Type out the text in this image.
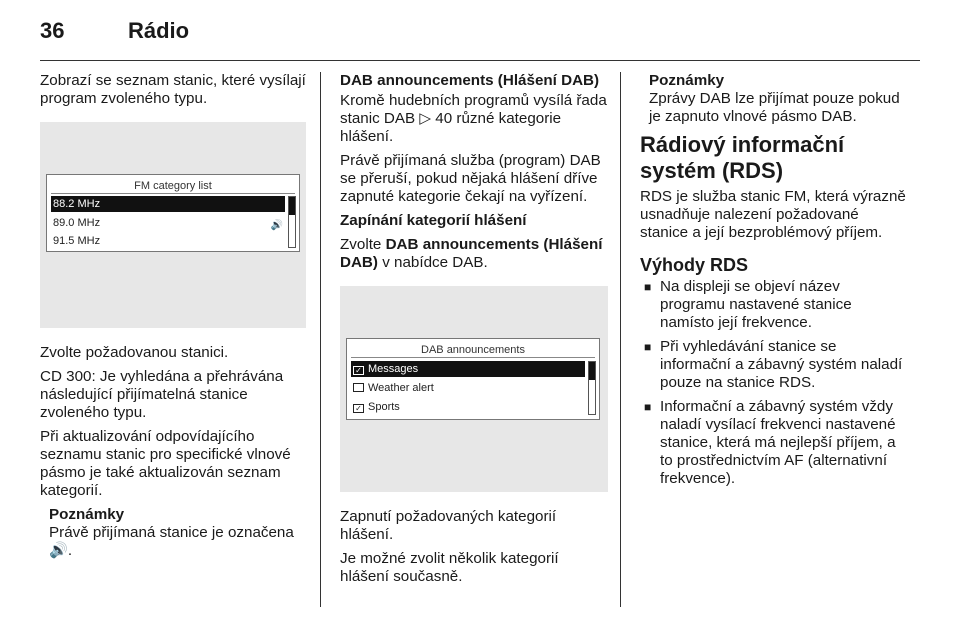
36	Rádio

Zobrazí se seznam stanic, které vysílají program zvoleného typu.

FM category list
88.2 MHz
89.0 MHz	🔊
91.5 MHz

Zvolte požadovanou stanici.

CD 300: Je vyhledána a přehrávána následující přijímatelná stanice zvoleného typu.

Při aktualizování odpovídajícího seznamu stanic pro specifické vlnové pásmo je také aktualizován seznam kategorií.

Poznámky
Právě přijímaná stanice je označena 🔊.
DAB announcements (Hlášení DAB)

Kromě hudebních programů vysílá řada stanic DAB ▷ 40 různé kategorie hlášení.

Právě přijímaná služba (program) DAB se přeruší, pokud nějaká hlášení dříve zapnuté kategorie čekají na vyřízení.

Zapínání kategorií hlášení

Zvolte DAB announcements (Hlášení DAB) v nabídce DAB.

DAB announcements
✓ Messages
Weather alert
✓ Sports

Zapnutí požadovaných kategorií hlášení.

Je možné zvolit několik kategorií hlášení současně.

Poznámky
Zprávy DAB lze přijímat pouze pokud je zapnuto vlnové pásmo DAB.
Rádiový informační systém (RDS)

RDS je služba stanic FM, která výrazně usnadňuje nalezení požadované stanice a její bezproblémový příjem.

Výhody RDS
■ Na displeji se objeví název programu nastavené stanice namísto její frekvence.
■ Při vyhledávání stanice se informační a zábavný systém naladí pouze na stanice RDS.
■ Informační a zábavný systém vždy naladí vysílací frekvenci nastavené stanice, která má nejlepší příjem, a to prostřednictvím AF (alternativní frekvence).
